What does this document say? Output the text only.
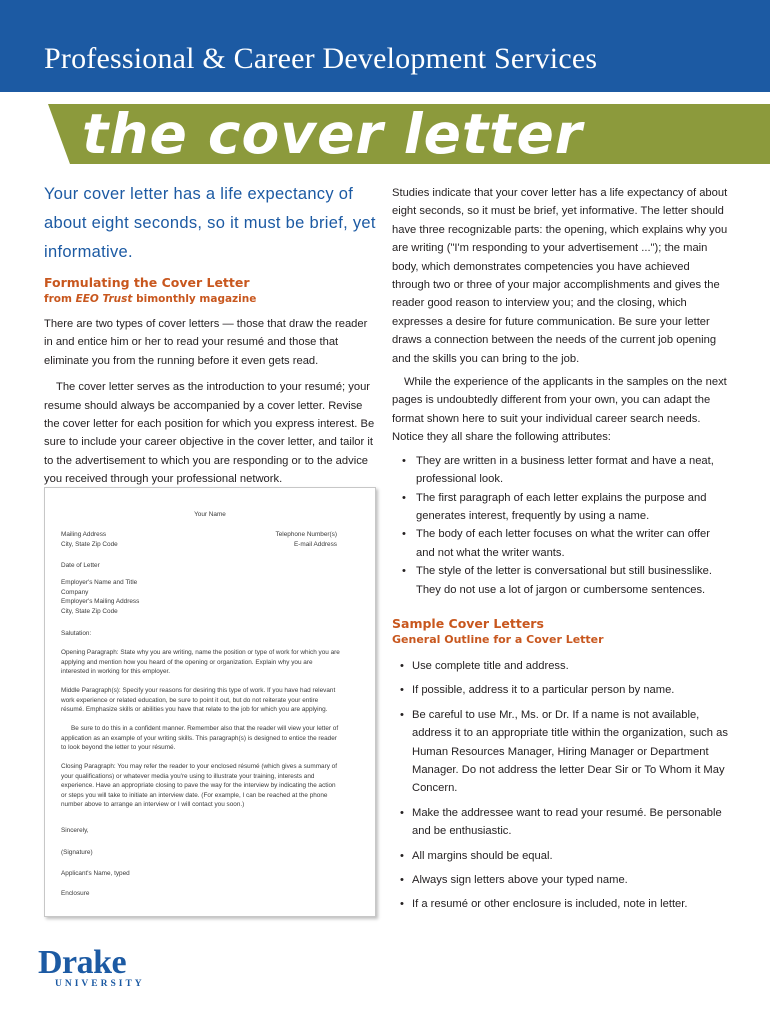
Professional & Career Development Services
the cover letter

Your cover letter has a life expectancy of about eight seconds, so it must be brief, yet informative.

Formulating the Cover Letter

from EEO Trust bimonthly magazine

There are two types of cover letters — those that draw the reader in and entice him or her to read your resumé and those that eliminate you from the running before it even gets read.

The cover letter serves as the introduction to your resumé; your resume should always be accompanied by a cover letter. Revise the cover letter for each position for which you express interest. Be sure to include your career objective in the cover letter, and tailor it to the advertisement to which you are responding or to the advice you received through your professional network.

Your Name
Mailing Address
City, State Zip Code
Telephone Number(s)
E-mail Address
Date of Letter
Employer's Name and Title
Company
Employer's Mailing Address
City, State Zip Code
Salutation:
Opening Paragraph: State why you are writing, name the position or type of work for which you are applying and mention how you heard of the opening or organization. Explain why you are interested in working for this employer.
Middle Paragraph(s): Specify your reasons for desiring this type of work. If you have had relevant work experience or related education, be sure to point it out, but do not reiterate your entire résumé. Emphasize skills or abilities you have that relate to the job for which you are applying.
Be sure to do this in a confident manner. Remember also that the reader will view your letter of application as an example of your writing skills. This paragraph(s) is designed to entice the reader to look beyond the letter to your résumé.
Closing Paragraph: You may refer the reader to your enclosed résumé (which gives a summary of your qualifications) or whatever media you're using to illustrate your training, interests and experience. Have an appropriate closing to pave the way for the interview by indicating the action or steps you will take to initiate an interview date. (For example, I can be reached at the phone number above to arrange an interview or I will contact you soon.)
Sincerely,
(Signature)
Applicant's Name, typed
Enclosure

Studies indicate that your cover letter has a life expectancy of about eight seconds, so it must be brief, yet informative. The letter should have three recognizable parts: the opening, which explains why you are writing ("I'm responding to your advertisement ..."); the main body, which demonstrates competencies you have achieved through two or three of your major accomplishments and gives the reader good reason to interview you; and the closing, which expresses a desire for future communication. Be sure your letter draws a connection between the needs of the current job opening and the skills you can bring to the job.

While the experience of the applicants in the samples on the next pages is undoubtedly different from your own, you can adapt the format shown here to suit your individual career search needs. Notice they all share the following attributes:

• They are written in a business letter format and have a neat, professional look.
• The first paragraph of each letter explains the purpose and generates interest, frequently by using a name.
• The body of each letter focuses on what the writer can offer and not what the writer wants.
• The style of the letter is conversational but still businesslike. They do not use a lot of jargon or cumbersome sentences.
Sample Cover Letters
General Outline for a Cover Letter
• Use complete title and address.
• If possible, address it to a particular person by name.
• Be careful to use Mr., Ms. or Dr. If a name is not available, address it to an appropriate title within the organization, such as Human Resources Manager, Hiring Manager or Department Manager. Do not address the letter Dear Sir or To Whom it May Concern.
• Make the addressee want to read your resumé. Be personable and be enthusiastic.
• All margins should be equal.
• Always sign letters above your typed name.
• If a resumé or other enclosure is included, note in letter.
Drake
UNIVERSITY
